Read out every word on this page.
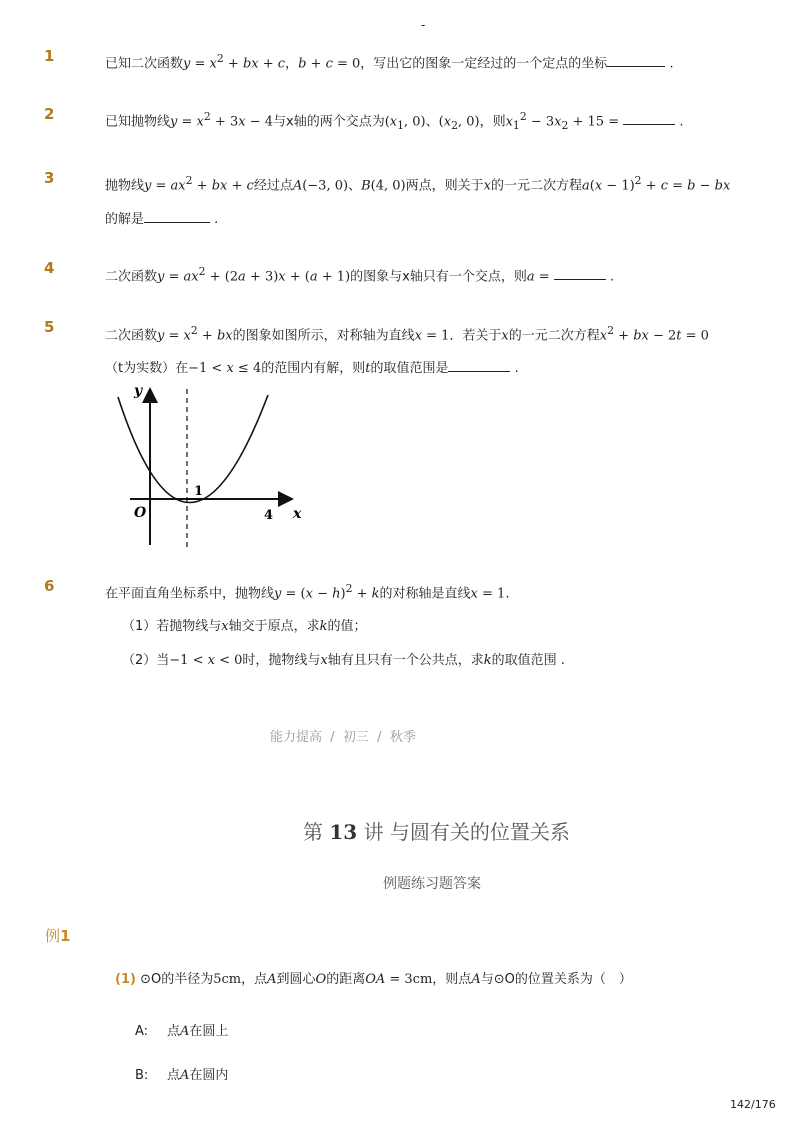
-
1	已知二次函数$y = x^2$ + bx + c，b + c = 0，写出它的图象一定经过的一个定点的坐标	.
2	已知抛物线$y = x^2 + 3x - 4$与x轴的两个交点为($x_1$, 0)、($x_2$, 0)，则$x_1^2 - 3x_2 + 15$ =	.
3	抛物线$y = ax^2$ + bx + c经过点A(−3, 0)、B(4, 0)两点，则关于x的一元二次方程$a(x - 1)^2 + c = b$ − bx
的解是	.
4	二次函数$y = ax^2 + (2a + 3)x + (a + 1)$的图象与x轴只有一个交点，则a =	.
5	二次函数$y = x^2$ + bx的图象如图所示，对称轴为直线x = 1．若关于x的一元二次方程$x^2$ + bx − 2t = 0
（t为实数）在−1 < x ≤ 4的范围内有解，则t的取值范围是	.
y
x
O
1
4
6	在平面直角坐标系中，抛物线$y = (x - h)^2 + k$的对称轴是直线x = 1.
（1）若抛物线与x轴交于原点，求k的值；
（2）当−1 < x < 0时，抛物线与x轴有且只有一个公共点，求k的取值范围 .
能力提高  /  初三  /  秋季
第 13 讲 与圆有关的位置关系
例题练习题答案
例1
(1) ⊙O的半径为5cm，点A到圆心O的距离OA = 3cm，则点A与⊙O的位置关系为（　）
A: 点A在圆上
B: 点A在圆内
142/176
